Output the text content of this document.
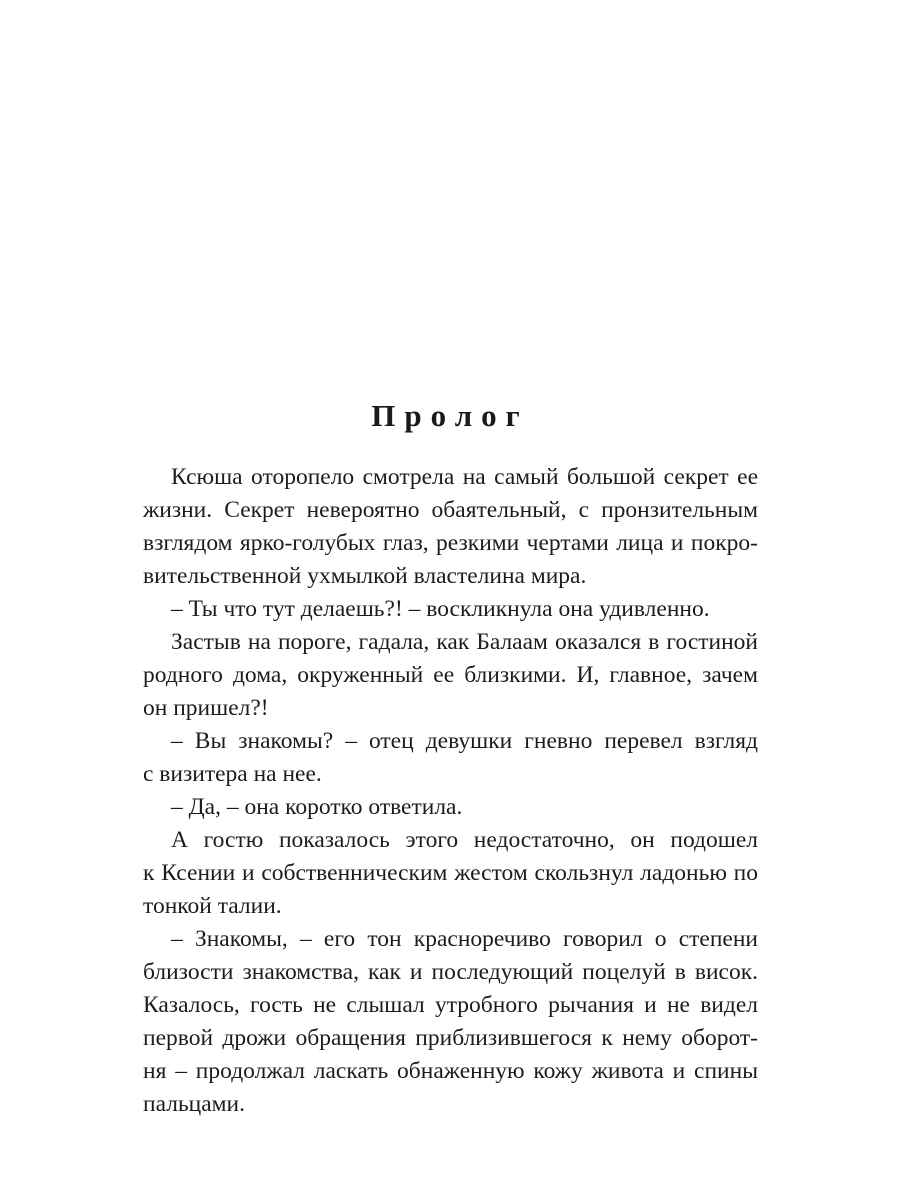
Пролог
Ксюша оторопело смотрела на самый большой секрет ее
жизни. Секрет невероятно обаятельный, с пронзительным
взглядом ярко-голубых глаз, резкими чертами лица и покро-
вительственной ухмылкой властелина мира.
– Ты что тут делаешь?! – воскликнула она удивленно.
Застыв на пороге, гадала, как Балаам оказался в гостиной
родного дома, окруженный ее близкими. И, главное, зачем
он пришел?!
– Вы знакомы? – отец девушки гневно перевел взгляд
с визитера на нее.
– Да, – она коротко ответила.
А гостю показалось этого недостаточно, он подошел
к Ксении и собственническим жестом скользнул ладонью по
тонкой талии.
– Знакомы, – его тон красноречиво говорил о степени
близости знакомства, как и последующий поцелуй в висок.
Казалось, гость не слышал утробного рычания и не видел
первой дрожи обращения приблизившегося к нему оборот-
ня – продолжал ласкать обнаженную кожу живота и спины
пальцами.
